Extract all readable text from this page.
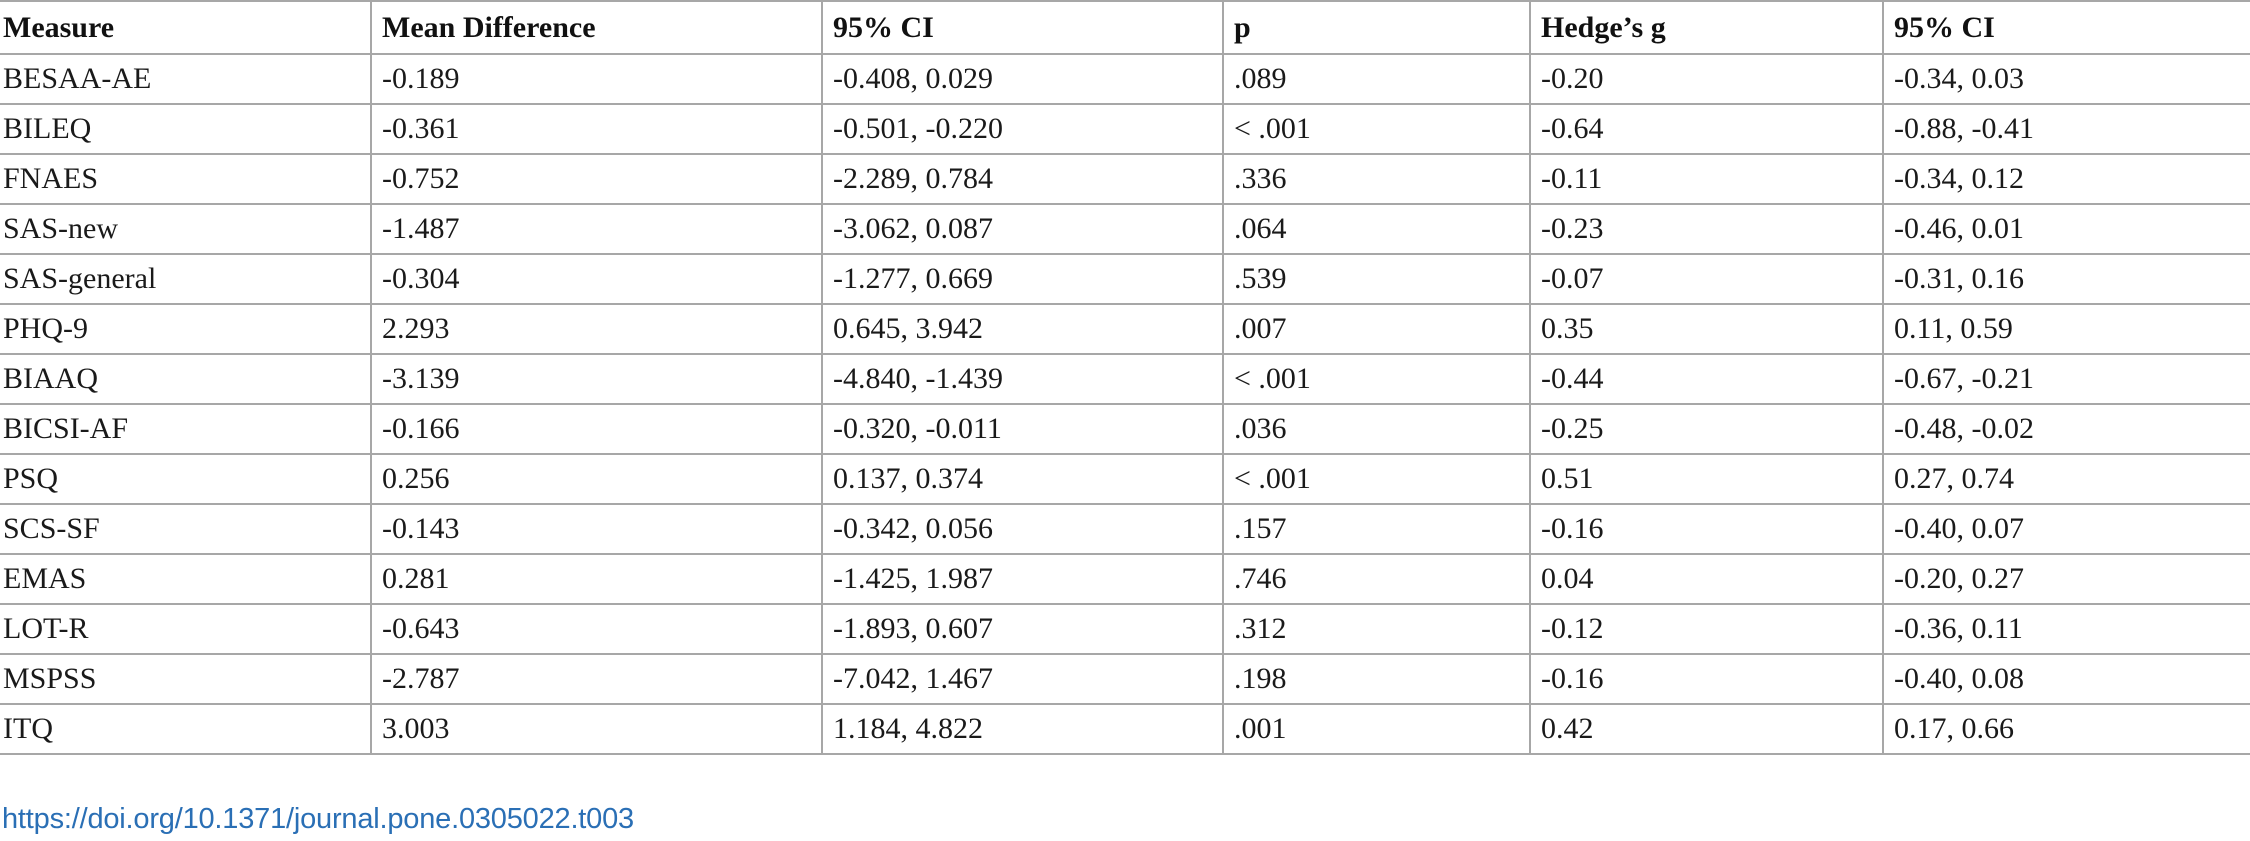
Measure	Mean Difference	95% CI	p	Hedge’s g	95% CI
BESAA-AE	-0.189	-0.408, 0.029	.089	-0.20	-0.34, 0.03
BILEQ	-0.361	-0.501, -0.220	< .001	-0.64	-0.88, -0.41
FNAES	-0.752	-2.289, 0.784	.336	-0.11	-0.34, 0.12
SAS-new	-1.487	-3.062, 0.087	.064	-0.23	-0.46, 0.01
SAS-general	-0.304	-1.277, 0.669	.539	-0.07	-0.31, 0.16
PHQ-9	2.293	0.645, 3.942	.007	0.35	0.11, 0.59
BIAAQ	-3.139	-4.840, -1.439	< .001	-0.44	-0.67, -0.21
BICSI-AF	-0.166	-0.320, -0.011	.036	-0.25	-0.48, -0.02
PSQ	0.256	0.137, 0.374	< .001	0.51	0.27, 0.74
SCS-SF	-0.143	-0.342, 0.056	.157	-0.16	-0.40, 0.07
EMAS	0.281	-1.425, 1.987	.746	0.04	-0.20, 0.27
LOT-R	-0.643	-1.893, 0.607	.312	-0.12	-0.36, 0.11
MSPSS	-2.787	-7.042, 1.467	.198	-0.16	-0.40, 0.08
ITQ	3.003	1.184, 4.822	.001	0.42	0.17, 0.66
https://doi.org/10.1371/journal.pone.0305022.t003
